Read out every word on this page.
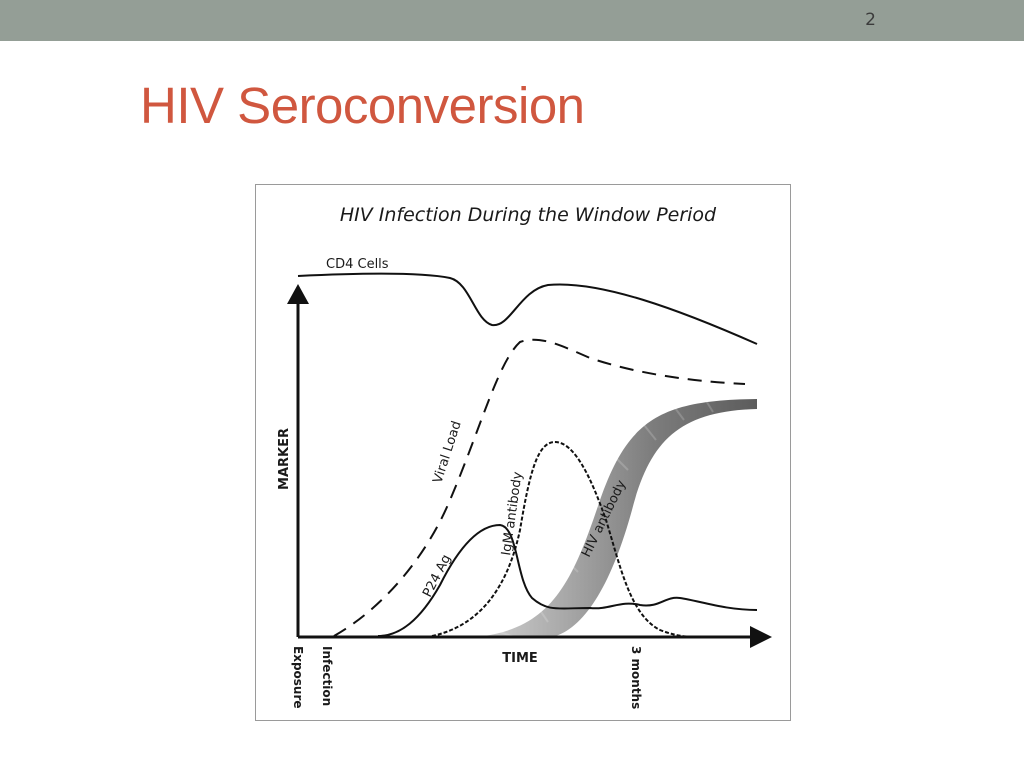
2
HIV Seroconversion
HIV Infection During the Window Period
CD4 Cells
Viral Load
P24 Ag
IgM antibody	HIV antibody
MARKER
TIME
Exposure Infection	3 months
